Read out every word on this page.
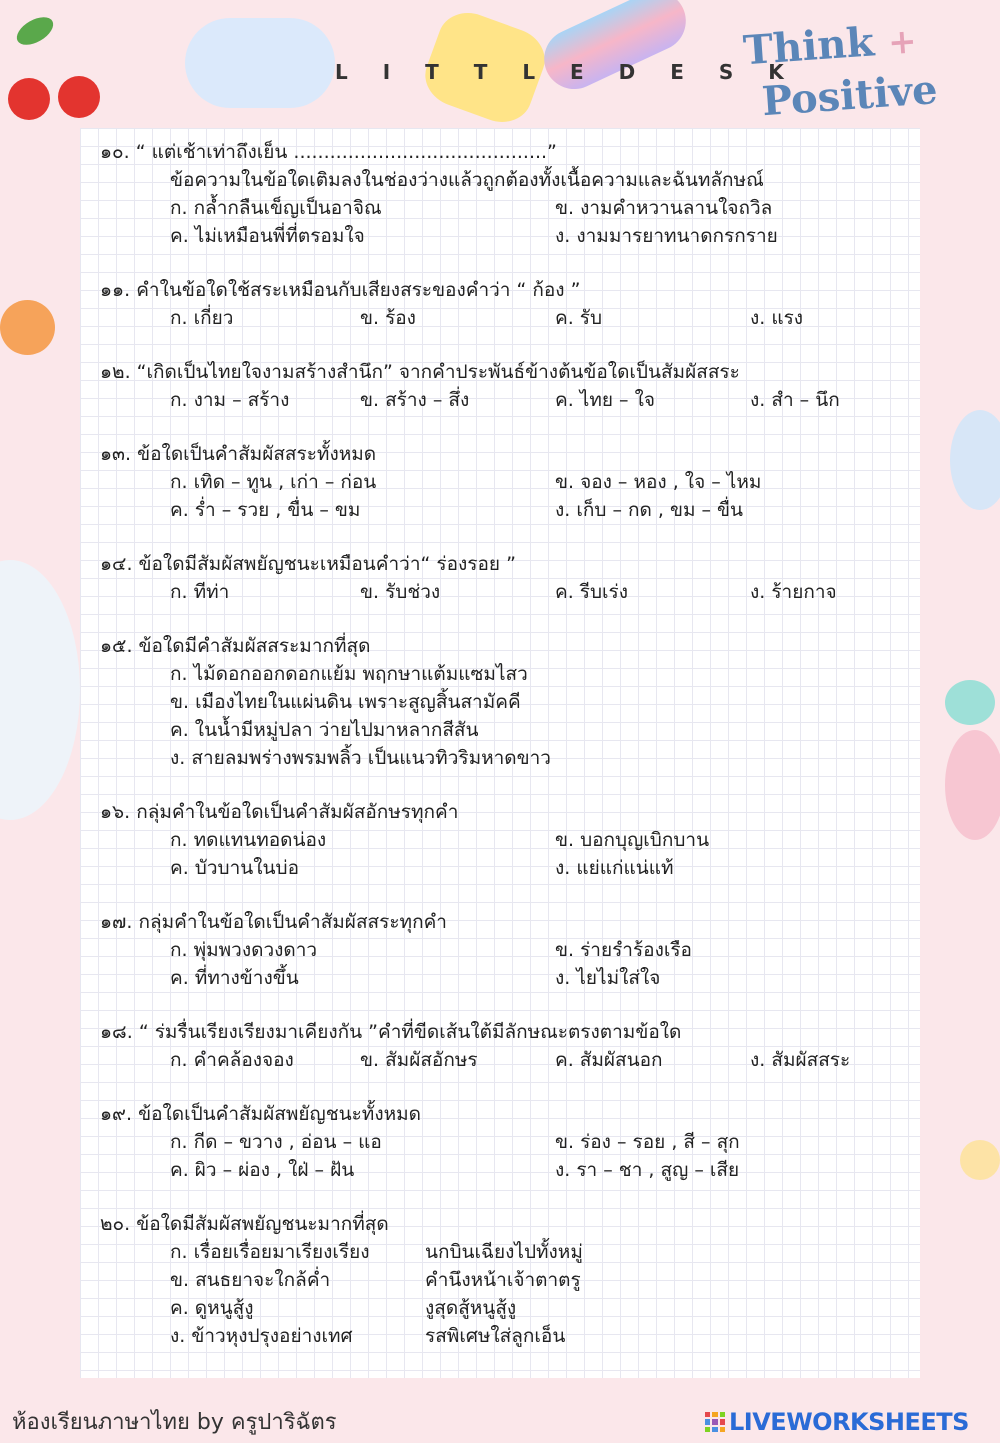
L I T T L E D E S K
Think +
Positive
๑๐. “ แต่เช้าเท่าถึงเย็น ..........................................”
ข้อความในข้อใดเติมลงในช่องว่างแล้วถูกต้องทั้งเนื้อความและฉันทลักษณ์
ก. กล้ำกลืนเข็ญเป็นอาจิณ	ข. งามคำหวานลานใจถวิล
ค. ไม่เหมือนพี่ที่ตรอมใจ	ง. งามมารยาทนาดกรกราย
๑๑. คำในข้อใดใช้สระเหมือนกับเสียงสระของคำว่า “ ก้อง ”
ก. เกี่ยว	ข. ร้อง	ค. รับ	ง. แรง
๑๒. “เกิดเป็นไทยใจงามสร้างสำนึก” จากคำประพันธ์ข้างต้นข้อใดเป็นสัมผัสสระ
ก. งาม – สร้าง	ข. สร้าง – สึ่ง	ค. ไทย – ใจ	ง. สำ – นึก
๑๓. ข้อใดเป็นคำสัมผัสสระทั้งหมด
ก. เทิด – ทูน , เก่า – ก่อน	ข. จอง – หอง , ใจ – ไหม
ค. ร่ำ – รวย , ขื่น – ขม	ง. เก็บ – กด , ขม – ขื่น
๑๔. ข้อใดมีสัมผัสพยัญชนะเหมือนคำว่า“ ร่องรอย ”
ก. ทีท่า	ข. รับช่วง	ค. รีบเร่ง	ง. ร้ายกาจ
๑๕. ข้อใดมีคำสัมผัสสระมากที่สุด
ก. ไม้ดอกออกดอกแย้ม พฤกษาแต้มแซมไสว
ข. เมืองไทยในแผ่นดิน เพราะสูญสิ้นสามัคคี
ค. ในน้ำมีหมู่ปลา ว่ายไปมาหลากสีสัน
ง. สายลมพร่างพรมพลิ้ว เป็นแนวทิวริมหาดขาว
๑๖. กลุ่มคำในข้อใดเป็นคำสัมผัสอักษรทุกคำ
ก. ทดแทนทอดน่อง	ข. บอกบุญเบิกบาน
ค. บัวบานในบ่อ	ง. แย่แก่แน่แท้
๑๗. กลุ่มคำในข้อใดเป็นคำสัมผัสสระทุกคำ
ก. พุ่มพวงดวงดาว	ข. ร่ายรำร้องเรือ
ค. ที่ทางข้างขึ้น	ง. ไยไม่ใส่ใจ
๑๘. “ ร่มรื่นเรียงเรียงมาเคียงกัน ”คำที่ขีดเส้นใต้มีลักษณะตรงตามข้อใด
ก. คำคล้องจอง	ข. สัมผัสอักษร	ค. สัมผัสนอก	ง. สัมผัสสระ
๑๙. ข้อใดเป็นคำสัมผัสพยัญชนะทั้งหมด
ก. กีด – ขวาง , อ่อน – แอ	ข. ร่อง – รอย , สี – สุก
ค. ผิว – ผ่อง , ใฝ่ – ฝัน	ง. รา – ชา , สูญ – เสีย
๒๐. ข้อใดมีสัมผัสพยัญชนะมากที่สุด
ก. เรื่อยเรื่อยมาเรียงเรียง	นกบินเฉียงไปทั้งหมู่
ข. สนธยาจะใกล้ค่ำ	คำนึงหน้าเจ้าตาตรู
ค. ดูหนูสู้งู	งูสุดสู้หนูสู้งู
ง. ข้าวหุงปรุงอย่างเทศ	รสพิเศษใส่ลูกเอ็น
ห้องเรียนภาษาไทย by ครูปาริฉัตร	LIVEWORKSHEETS
